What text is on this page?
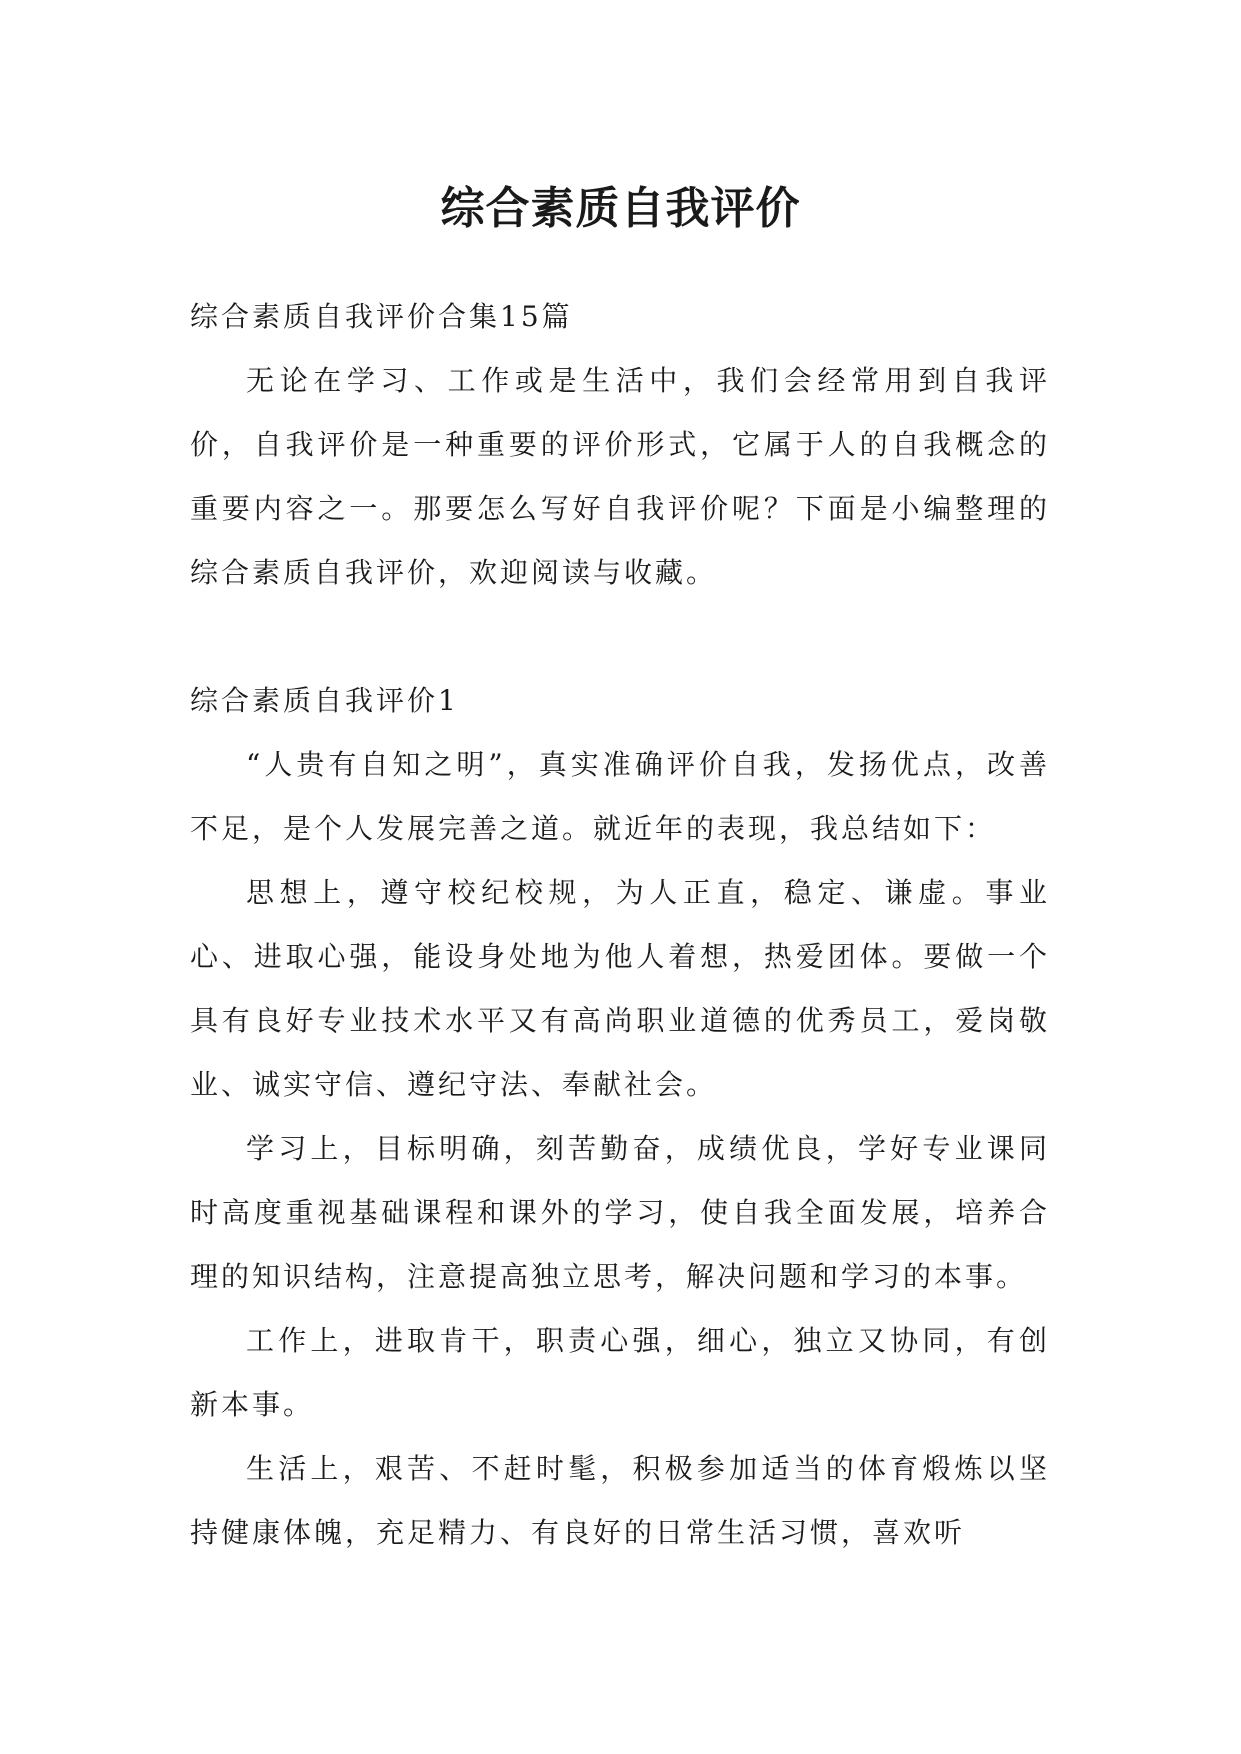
综合素质自我评价

综合素质自我评价合集15篇

无论在学习、工作或是生活中，我们会经常用到自我评价，自我评价是一种重要的评价形式，它属于人的自我概念的重要内容之一。那要怎么写好自我评价呢？下面是小编整理的综合素质自我评价，欢迎阅读与收藏。

综合素质自我评价1

“人贵有自知之明”，真实准确评价自我，发扬优点，改善不足，是个人发展完善之道。就近年的表现，我总结如下：

思想上，遵守校纪校规，为人正直，稳定、谦虚。事业心、进取心强，能设身处地为他人着想，热爱团体。要做一个具有良好专业技术水平又有高尚职业道德的优秀员工，爱岗敬业、诚实守信、遵纪守法、奉献社会。

学习上，目标明确，刻苦勤奋，成绩优良，学好专业课同时高度重视基础课程和课外的学习，使自我全面发展，培养合理的知识结构，注意提高独立思考，解决问题和学习的本事。

工作上，进取肯干，职责心强，细心，独立又协同，有创新本事。

生活上，艰苦、不赶时髦，积极参加适当的体育煅炼以坚持健康体魄，充足精力、有良好的日常生活习惯，喜欢听
